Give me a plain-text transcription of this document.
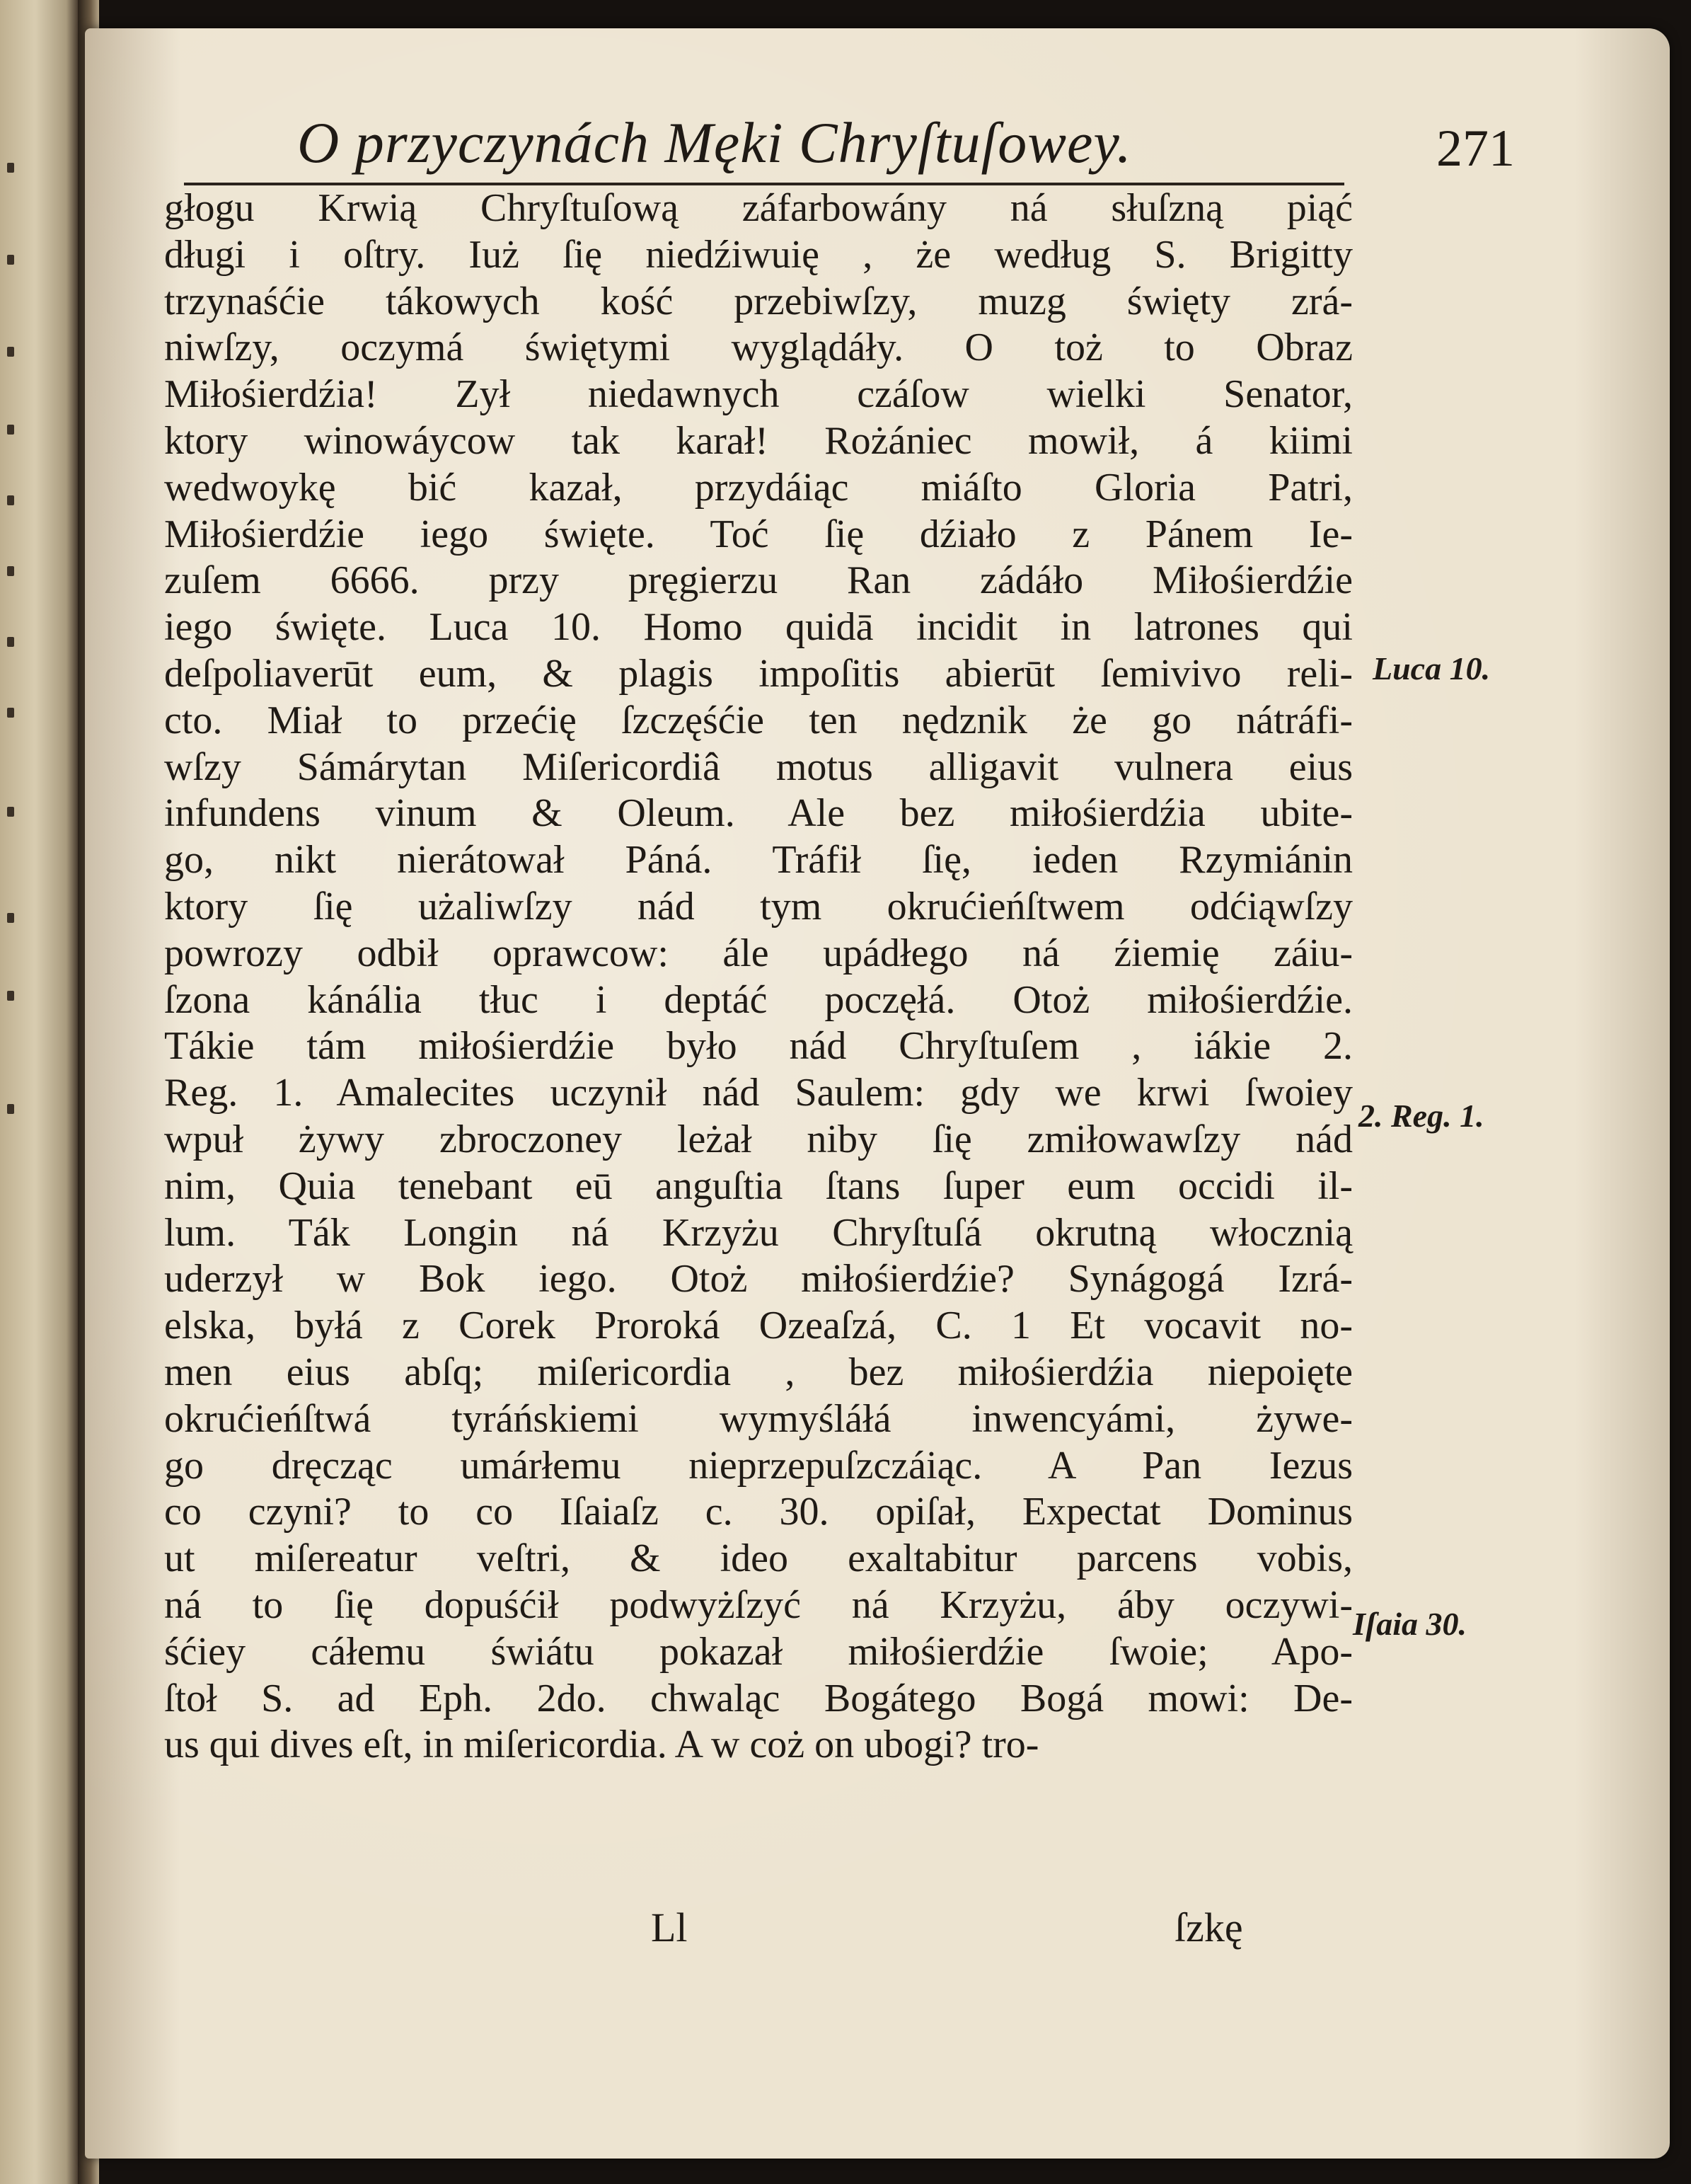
O przyczynách Męki Chryſtuſowey.	271
głogu Krwią Chryſtuſową záfarbowány ná słuſzną piąć
długi i oſtry. Iuż ſię niedźiwuię , że według S. Brigitty
trzynaśćie tákowych kość przebiwſzy, muzg święty zrá-
niwſzy, oczymá świętymi wyglądáły. O toż to Obraz
Miłośierdźia! Zył niedawnych czáſow wielki Senator,
ktory winowáycow tak karał! Rożániec mowił, á kiimi
wedwoykę bić kazał, przydáiąc miáſto Gloria Patri,
Miłośierdźie iego święte. Toć ſię dźiało z Pánem Ie-
zuſem 6666. przy pręgierzu Ran zádáło Miłośierdźie
iego święte. Luca 10. Homo quidā incidit in latrones qui
deſpoliaverūt eum, & plagis impoſitis abierūt ſemivivo reli-
cto. Miał to przećię ſzczęśćie ten nędznik że go nátráfi-
wſzy Sámárytan Miſericordiâ motus alligavit vulnera eius
infundens vinum & Oleum. Ale bez miłośierdźia ubite-
go, nikt nierátował Páná. Tráfił ſię, ieden Rzymiánin
ktory ſię użaliwſzy nád tym okrućieńſtwem odćiąwſzy
powrozy odbił oprawcow: ále upádłego ná źiemię záiu-
ſzona kánália tłuc i deptáć poczęłá. Otoż miłośierdźie.
Tákie tám miłośierdźie było nád Chryſtuſem , iákie 2.
Reg. 1. Amalecites uczynił nád Saulem: gdy we krwi ſwoiey
wpuł żywy zbroczoney leżał niby ſię zmiłowawſzy nád
nim, Quia tenebant eū anguſtia ſtans ſuper eum occidi il-
lum. Ták Longin ná Krzyżu Chryſtuſá okrutną włocznią
uderzył w Bok iego. Otoż miłośierdźie? Synágogá Izrá-
elska, byłá z Corek Proroká Ozeaſzá, C. 1 Et vocavit no-
men eius abſq; miſericordia , bez miłośierdźia niepoięte
okrućieńſtwá tyráńskiemi wymyśláłá inwencyámi, żywe-
go dręcząc umárłemu nieprzepuſzczáiąc. A Pan Iezus
co czyni? to co Iſaiaſz c. 30. opiſał, Expectat Dominus
ut miſereatur veſtri, & ideo exaltabitur parcens vobis,
ná to ſię dopuśćił podwyżſzyć ná Krzyżu, áby oczywi-
śćiey cáłemu świátu pokazał miłośierdźie ſwoie; Apo-
ſtoł S. ad Eph. 2do. chwaląc Bogátego Bogá mowi: De-
us qui dives eſt, in miſericordia. A w coż on ubogi? tro-
Luca 10.
2. Reg. 1.
Iſaia 30.
Ll	ſzkę
